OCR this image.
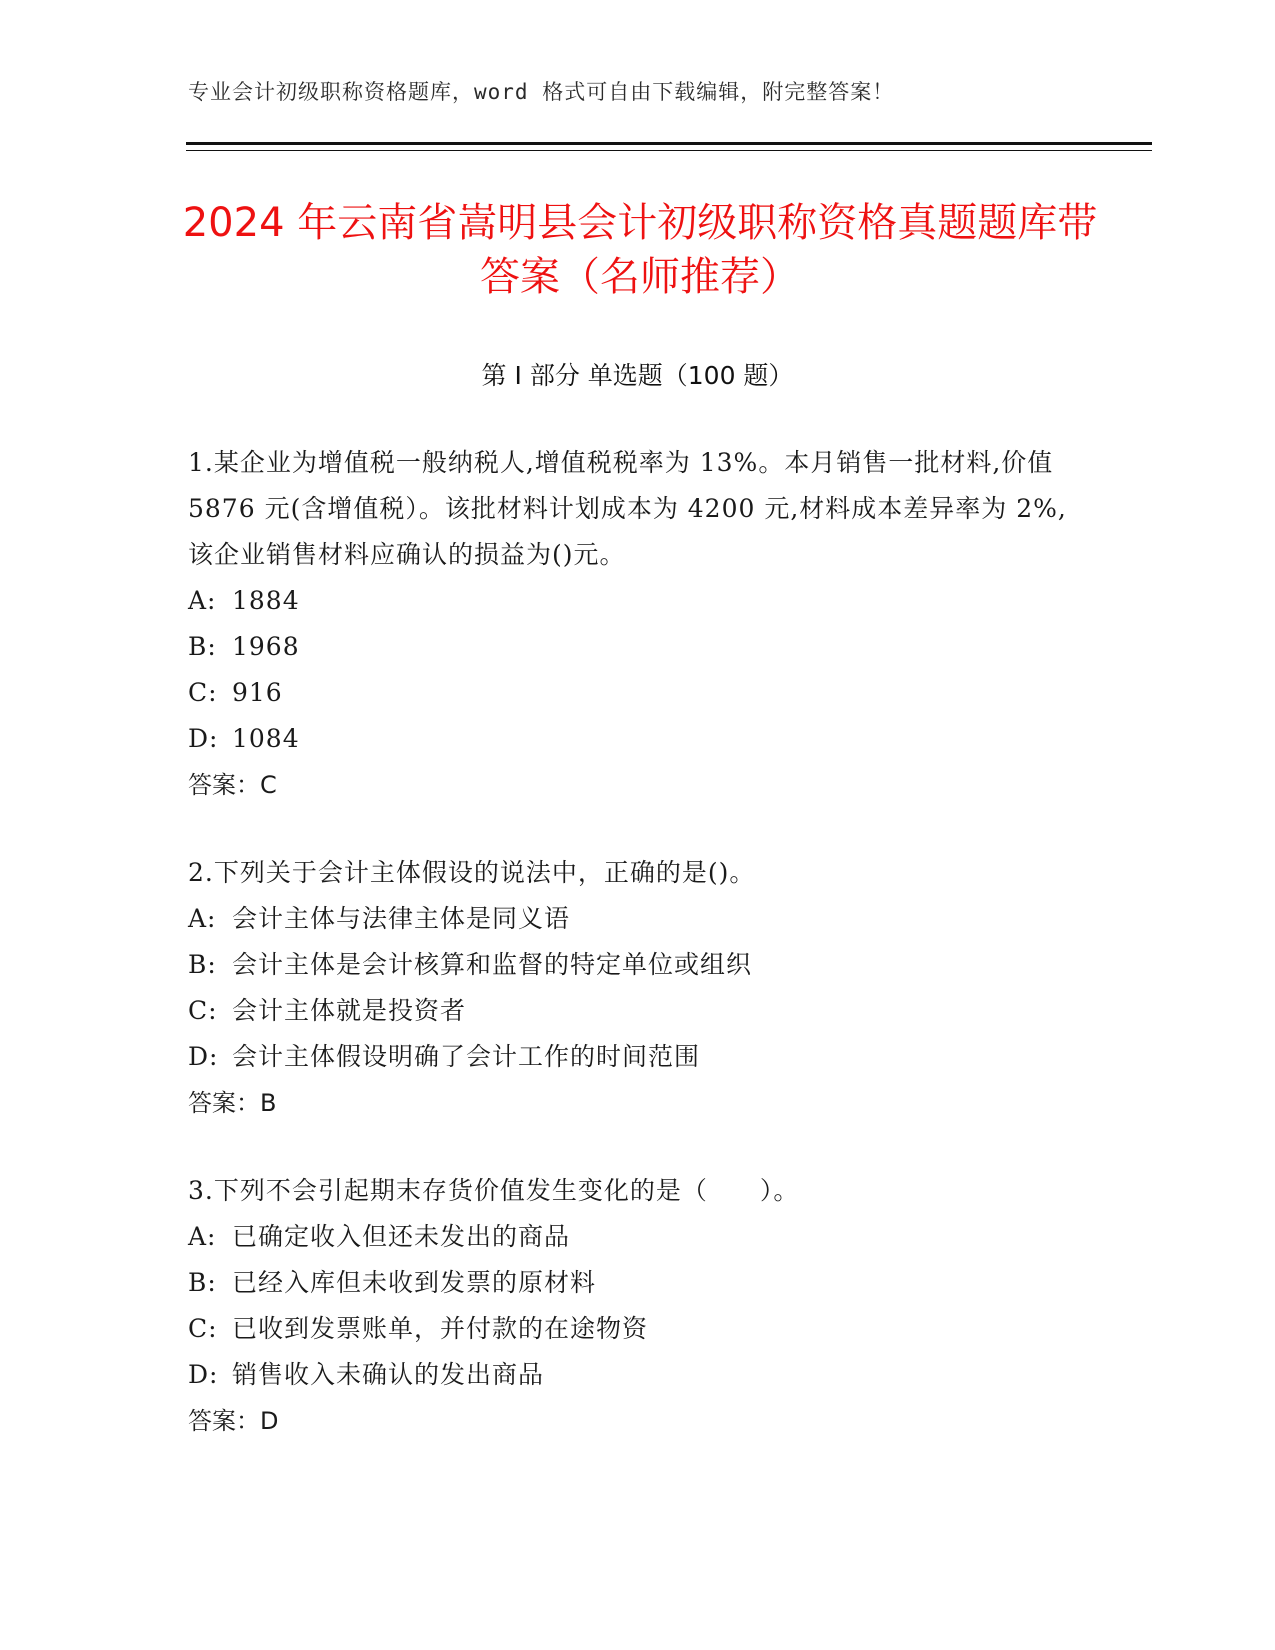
专业会计初级职称资格题库，word 格式可自由下载编辑，附完整答案！
2024 年云南省嵩明县会计初级职称资格真题题库带答案（名师推荐）
第 I 部分 单选题（100 题）

1.某企业为增值税一般纳税人,增值税税率为 13%。本月销售一批材料,价值 5876 元(含增值税）。该批材料计划成本为 4200 元,材料成本差异率为 2%,该企业销售材料应确认的损益为()元。

A: 1884

B: 1968

C: 916

D: 1084

答案：C

2.下列关于会计主体假设的说法中，正确的是()。

A: 会计主体与法律主体是同义语

B: 会计主体是会计核算和监督的特定单位或组织

C: 会计主体就是投资者

D: 会计主体假设明确了会计工作的时间范围

答案：B

3.下列不会引起期末存货价值发生变化的是（　　）。

A: 已确定收入但还未发出的商品

B: 已经入库但未收到发票的原材料

C: 已收到发票账单，并付款的在途物资

D: 销售收入未确认的发出商品

答案：D
